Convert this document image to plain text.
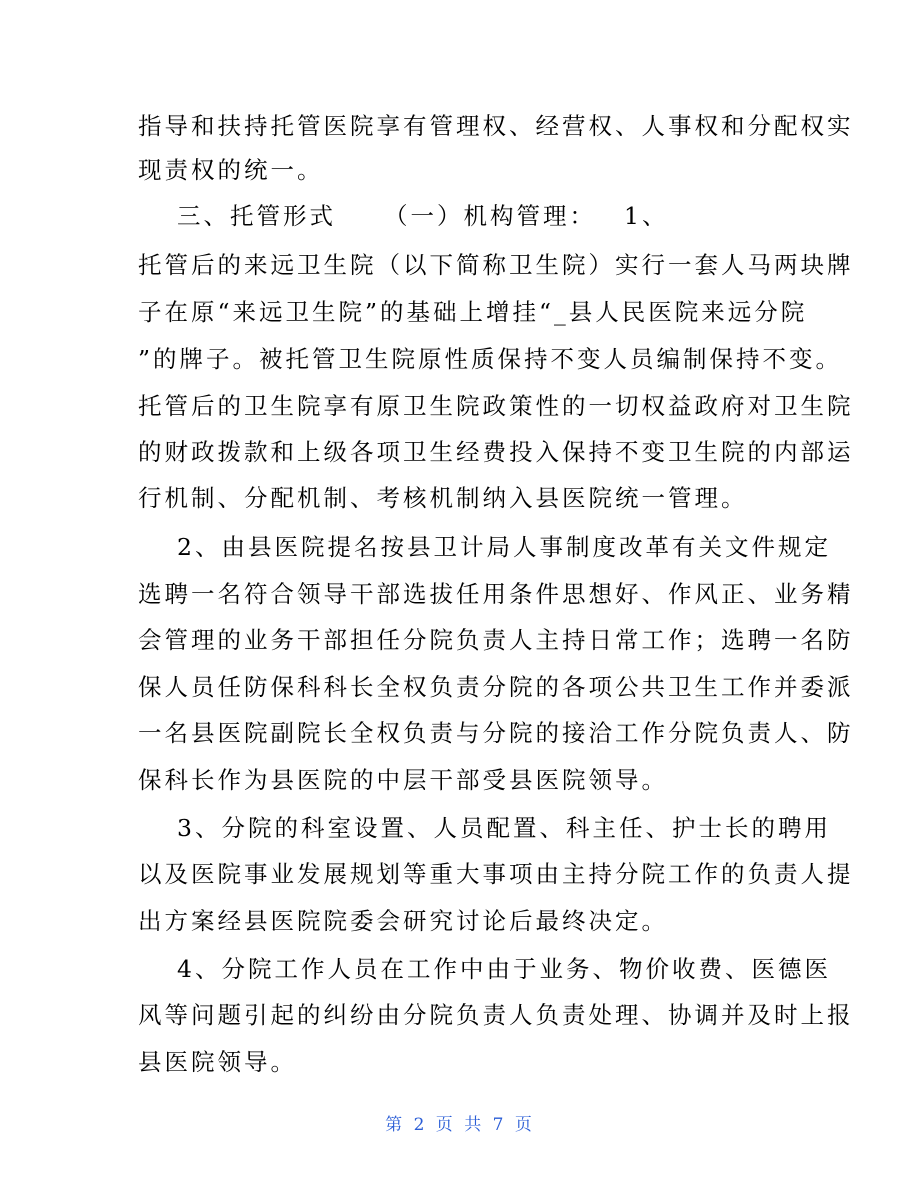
指导和扶持托管医院享有管理权、经营权、人事权和分配权实
现责权的统一。
三、托管形式 （一）机构管理： 1、
托管后的来远卫生院（以下简称卫生院）实行一套人马两块牌
子在原“来远卫生院”的基础上增挂“_县人民医院来远分院
”的牌子。被托管卫生院原性质保持不变人员编制保持不变。
托管后的卫生院享有原卫生院政策性的一切权益政府对卫生院
的财政拨款和上级各项卫生经费投入保持不变卫生院的内部运
行机制、分配机制、考核机制纳入县医院统一管理。
2、由县医院提名按县卫计局人事制度改革有关文件规定
选聘一名符合领导干部选拔任用条件思想好、作风正、业务精
会管理的业务干部担任分院负责人主持日常工作；选聘一名防
保人员任防保科科长全权负责分院的各项公共卫生工作并委派
一名县医院副院长全权负责与分院的接洽工作分院负责人、防
保科长作为县医院的中层干部受县医院领导。
3、分院的科室设置、人员配置、科主任、护士长的聘用
以及医院事业发展规划等重大事项由主持分院工作的负责人提
出方案经县医院院委会研究讨论后最终决定。
4、分院工作人员在工作中由于业务、物价收费、医德医
风等问题引起的纠纷由分院负责人负责处理、协调并及时上报
县医院领导。
第 2 页 共 7 页
